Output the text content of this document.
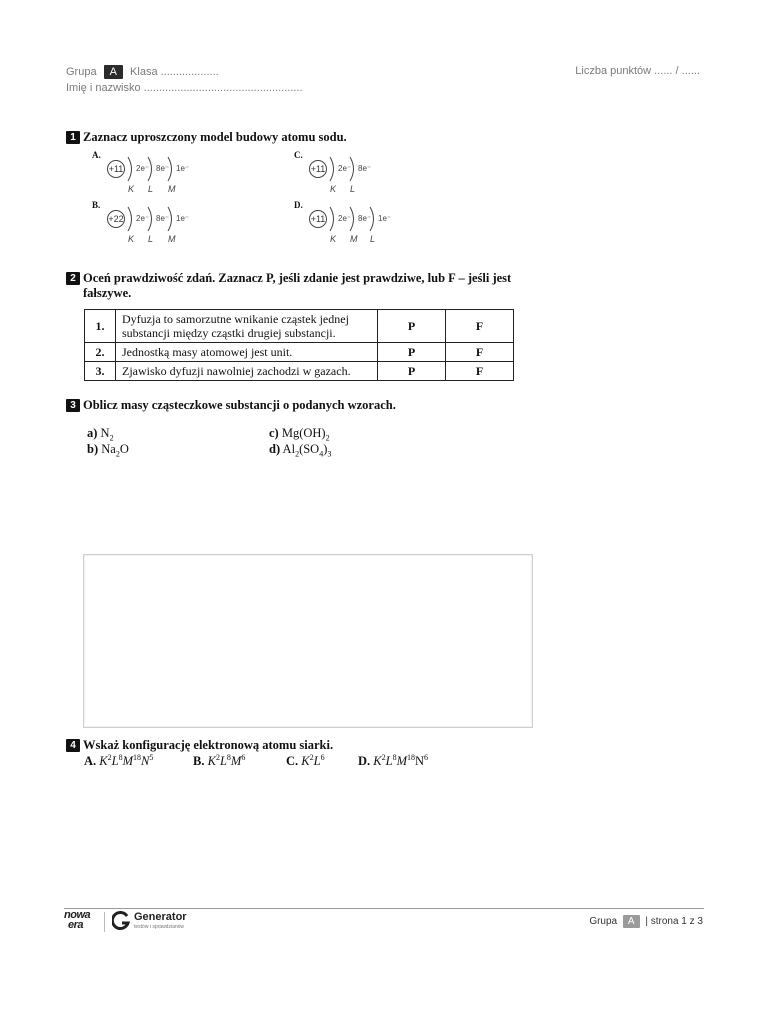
Grupa A Klasa ...................
Imię i nazwisko ....................................................
Liczba punktów ...... / ......
1 Zaznacz uproszczony model budowy atomu sodu.
A.
+11 2e⁻
K
8e⁻
L
1e⁻
M
B.
+22 2e⁻
K
8e⁻
L
1e⁻
M
C.
+11 2e⁻
K
8e⁻
L
D.
+11 2e⁻
K
8e⁻
M
1e⁻
L
2 Oceń prawdziwość zdań. Zaznacz P, jeśli zdanie jest prawdziwe, lub F – jeśli jest
fałszywe.
1.	Dyfuzja to samorzutne wnikanie cząstek jednej
substancji między cząstki drugiej substancji.	P	F
2.	Jednostką masy atomowej jest unit.	P	F
3.	Zjawisko dyfuzji nawolniej zachodzi w gazach.	P	F
3 Oblicz masy cząsteczkowe substancji o podanych wzorach.
a) $N_2$
b) $Na_2O$
c) $Mg(OH)_2$
d) $Al_2(SO_4)_3$
4 Wskaż konfigurację elektronową atomu siarki.
A. $K^2L^8M^{18}N^5$	B. $K^2L^8M^6$	C. $K^2L^6$	D. $K^2L^8M^{18}N^6$
nowa
era
Generator
testów i sprawdzianów	Grupa A | strona 1 z 3
